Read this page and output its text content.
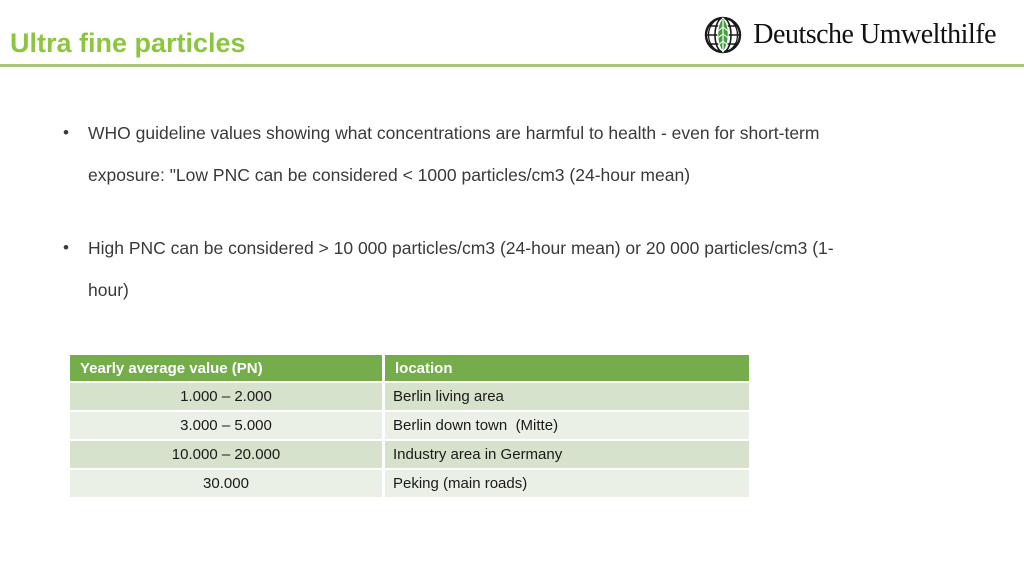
Ultra fine particles	Deutsche Umwelthilfe
•	WHO guideline values showing what concentrations are harmful to health - even for short-term
exposure: "Low PNC can be considered < 1000 particles/cm3 (24-hour mean)
•	High PNC can be considered > 10 000 particles/cm3 (24-hour mean) or 20 000 particles/cm3 (1-
hour)
Yearly average value (PN)	location
1.000 – 2.000	Berlin living area
3.000 – 5.000	Berlin down town  (Mitte)
10.000 – 20.000	Industry area in Germany
30.000	Peking (main roads)
